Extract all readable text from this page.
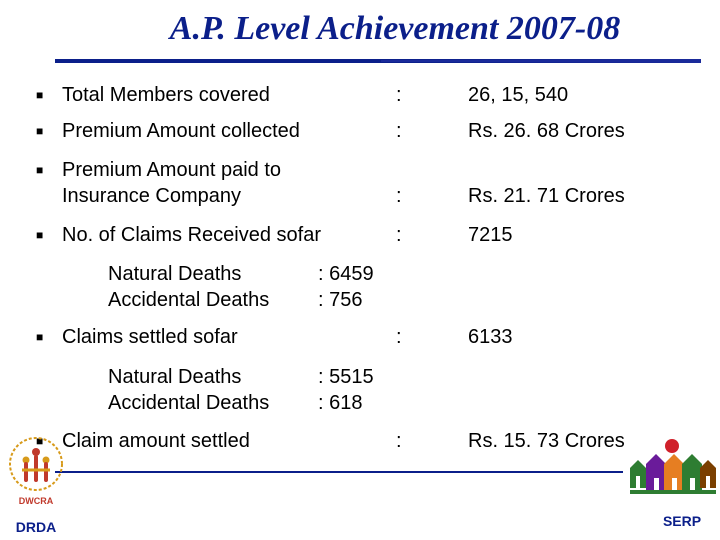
A.P. Level Achievement 2007-08
■ Total Members covered	:	26, 15, 540
■ Premium Amount collected	:	Rs. 26. 68 Crores
■ Premium Amount paid to
Insurance Company	:	Rs. 21. 71 Crores
■ No. of Claims Received sofar	:	7215
Natural Deaths	: 6459
Accidental Deaths : 756
■ Claims settled sofar	:	6133
Natural Deaths	: 5515
Accidental Deaths : 618
■ Claim amount settled	:	Rs. 15. 73 Crores
DWCRA
DRDA	SERP
